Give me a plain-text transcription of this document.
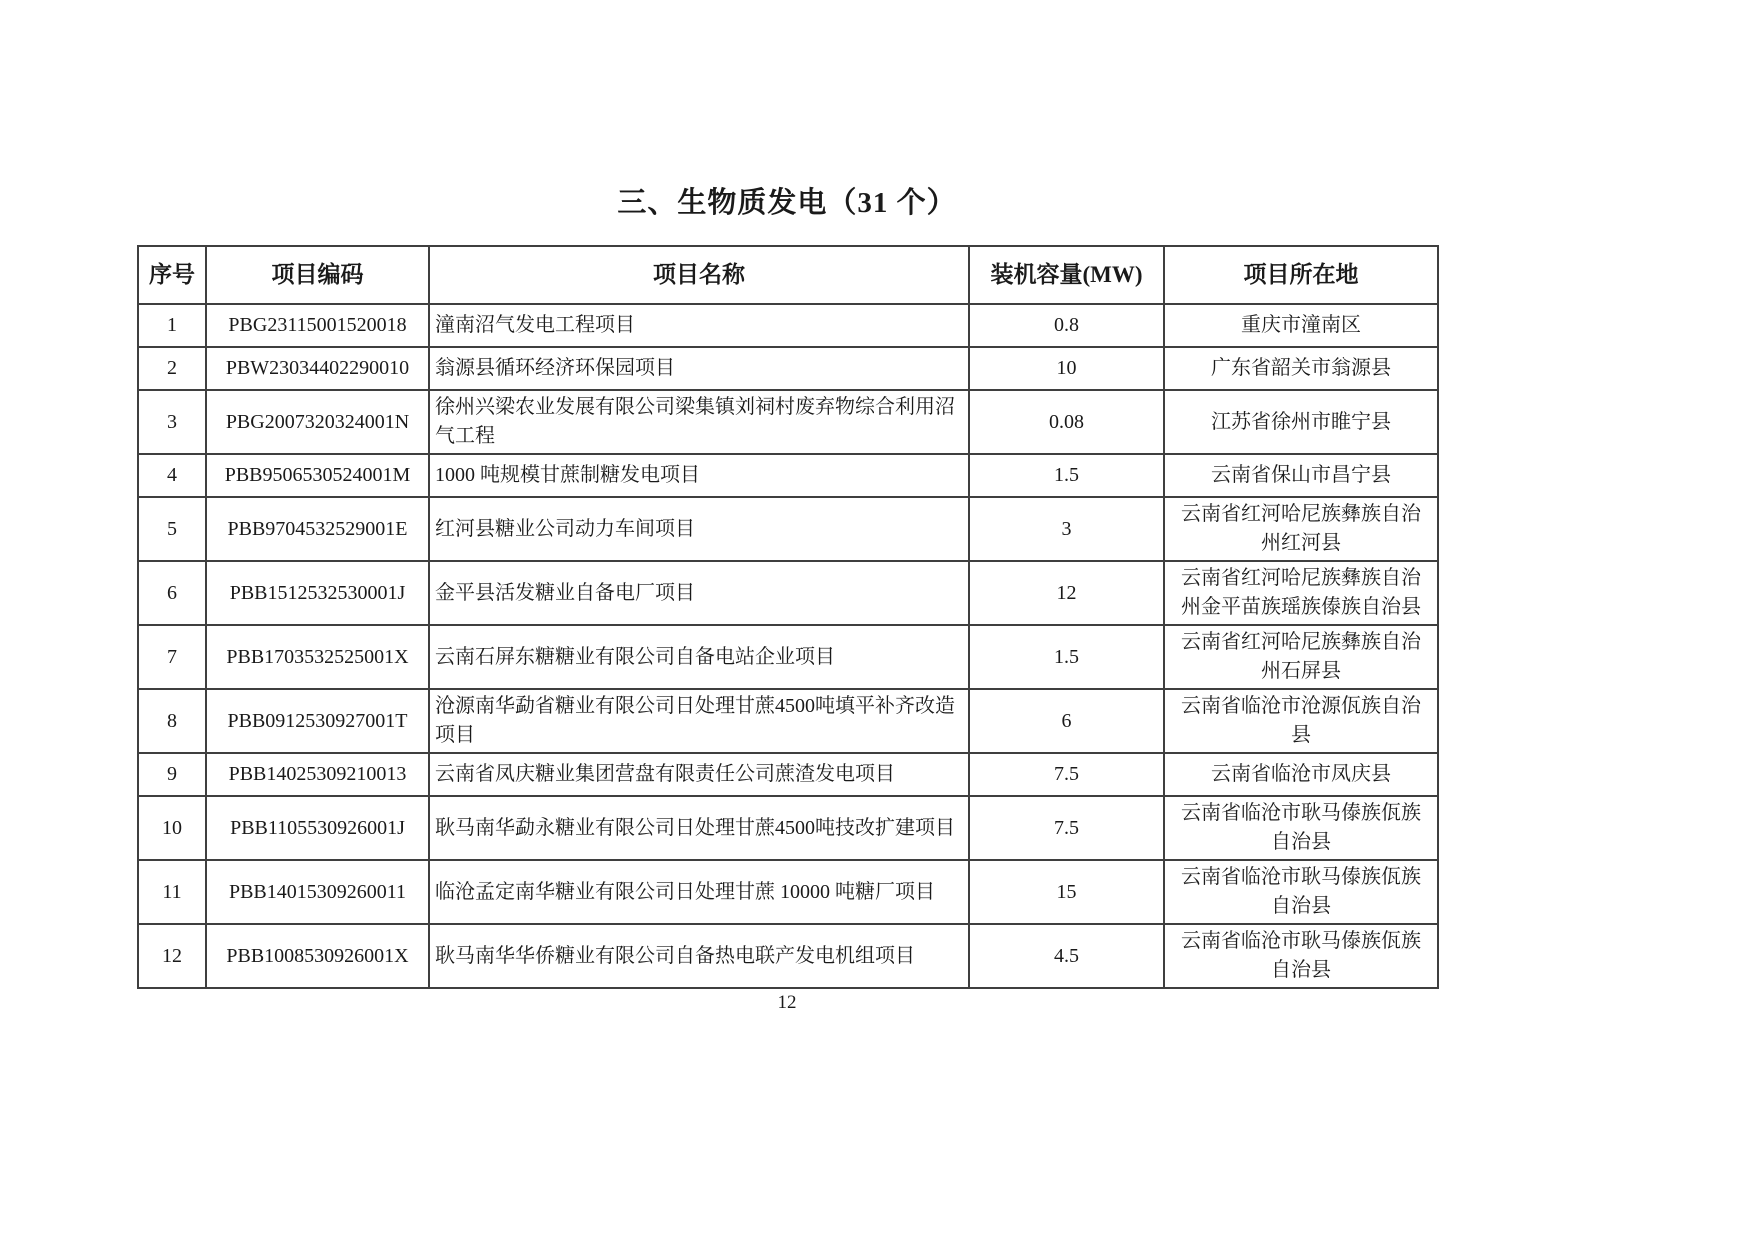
三、生物质发电（31 个）
序号	项目编码	项目名称	装机容量(MW)	项目所在地
1	PBG23115001520018	潼南沼气发电工程项目	0.8	重庆市潼南区
2	PBW23034402290010	翁源县循环经济环保园项目	10	广东省韶关市翁源县
3	PBG2007320324001N	徐州兴梁农业发展有限公司梁集镇刘祠村废弃物综合利用沼气工程	0.08	江苏省徐州市睢宁县
4	PBB9506530524001M	1000 吨规模甘蔗制糖发电项目	1.5	云南省保山市昌宁县
5	PBB9704532529001E	红河县糖业公司动力车间项目	3	云南省红河哈尼族彝族自治州红河县
6	PBB1512532530001J	金平县活发糖业自备电厂项目	12	云南省红河哈尼族彝族自治州金平苗族瑶族傣族自治县
7	PBB1703532525001X	云南石屏东糖糖业有限公司自备电站企业项目	1.5	云南省红河哈尼族彝族自治州石屏县
8	PBB0912530927001T	沧源南华勐省糖业有限公司日处理甘蔗4500吨填平补齐改造项目	6	云南省临沧市沧源佤族自治县
9	PBB14025309210013	云南省凤庆糖业集团营盘有限责任公司蔗渣发电项目	7.5	云南省临沧市凤庆县
10	PBB1105530926001J	耿马南华勐永糖业有限公司日处理甘蔗4500吨技改扩建项目	7.5	云南省临沧市耿马傣族佤族自治县
11	PBB14015309260011	临沧孟定南华糖业有限公司日处理甘蔗 10000 吨糖厂项目	15	云南省临沧市耿马傣族佤族自治县
12	PBB1008530926001X	耿马南华华侨糖业有限公司自备热电联产发电机组项目	4.5	云南省临沧市耿马傣族佤族自治县
12
